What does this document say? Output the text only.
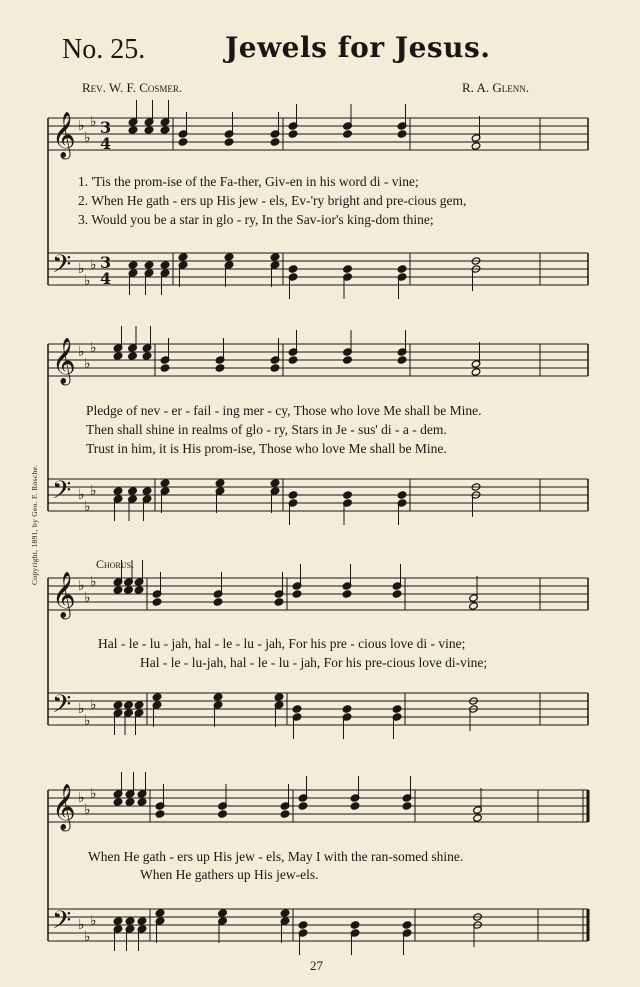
No. 25.	Jewels for Jesus.
Rev. W. F. Cosmer.	R. A. Glenn.
Copyright, 1891, by Geo. F. Rosche.
𝄞 ♭
♭
♭ 3
4
𝄢 ♭
♭
♭ 3
4
𝄞 ♭
♭
♭
𝄢 ♭
♭
♭
𝄞 ♭
♭
♭
𝄢 ♭
♭
♭
𝄞 ♭
♭
♭
𝄢 ♭
♭
♭
1. 'Tis the prom-ise of the Fa-ther, Giv-en in his word di - vine;
2. When He gath - ers up His jew - els, Ev-'ry bright and pre-cious gem,
3. Would you be a star in glo - ry, In the Sav-ior's king-dom thine;
Pledge of nev - er - fail - ing mer - cy, Those who love Me shall be Mine.
Then shall shine in realms of glo - ry, Stars in Je - sus' di - a - dem.
Trust in him, it is His prom-ise, Those who love Me shall be Mine.
Chorus.
Hal - le - lu - jah, hal - le - lu - jah, For his pre - cious love di - vine;
Hal - le - lu-jah, hal - le - lu - jah, For his pre-cious love di-vine;
When He gath - ers up His jew - els, May I with the ran-somed shine.
When He gathers up His jew-els.
27
